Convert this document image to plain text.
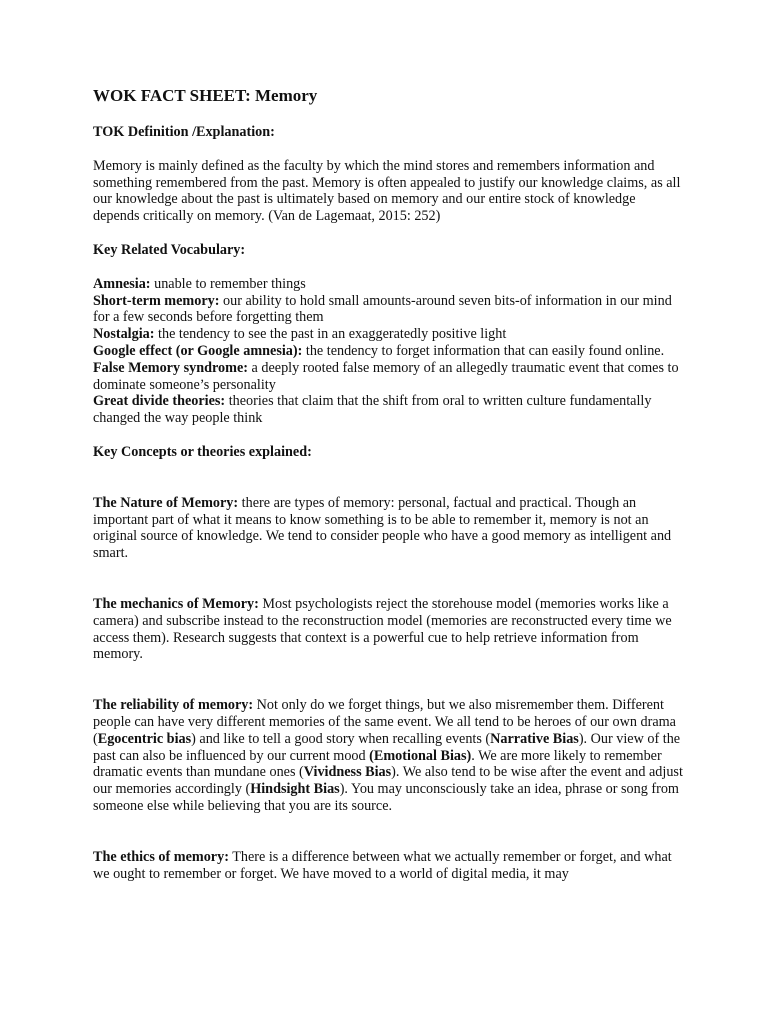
WOK FACT SHEET: Memory

TOK Definition /Explanation:

Memory is mainly defined as the faculty by which the mind stores and remembers information and something remembered from the past. Memory is often appealed to justify our knowledge claims, as all our knowledge about the past is ultimately based on memory and our entire stock of knowledge depends critically on memory. (Van de Lagemaat, 2015: 252)

Key Related Vocabulary:

Amnesia: unable to remember things

Short-term memory: our ability to hold small amounts-around seven bits-of information in our mind for a few seconds before forgetting them

Nostalgia: the tendency to see the past in an exaggeratedly positive light

Google effect (or Google amnesia): the tendency to forget information that can easily found online.

False Memory syndrome: a deeply rooted false memory of an allegedly traumatic event that comes to dominate someone’s personality

Great divide theories: theories that claim that the shift from oral to written culture fundamentally changed the way people think

Key Concepts or theories explained:

The Nature of Memory: there are types of memory: personal, factual and practical. Though an important part of what it means to know something is to be able to remember it, memory is not an original source of knowledge. We tend to consider people who have a good memory as intelligent and smart.

The mechanics of Memory: Most psychologists reject the storehouse model (memories works like a camera) and subscribe instead to the reconstruction model (memories are reconstructed every time we access them). Research suggests that context is a powerful cue to help retrieve information from memory.

The reliability of memory: Not only do we forget things, but we also misremember them. Different people can have very different memories of the same event. We all tend to be heroes of our own drama (Egocentric bias) and like to tell a good story when recalling events (Narrative Bias). Our view of the past can also be influenced by our current mood (Emotional Bias). We are more likely to remember dramatic events than mundane ones (Vividness Bias). We also tend to be wise after the event and adjust our memories accordingly (Hindsight Bias). You may unconsciously take an idea, phrase or song from someone else while believing that you are its source.

The ethics of memory: There is a difference between what we actually remember or forget, and what we ought to remember or forget. We have moved to a world of digital media, it may
